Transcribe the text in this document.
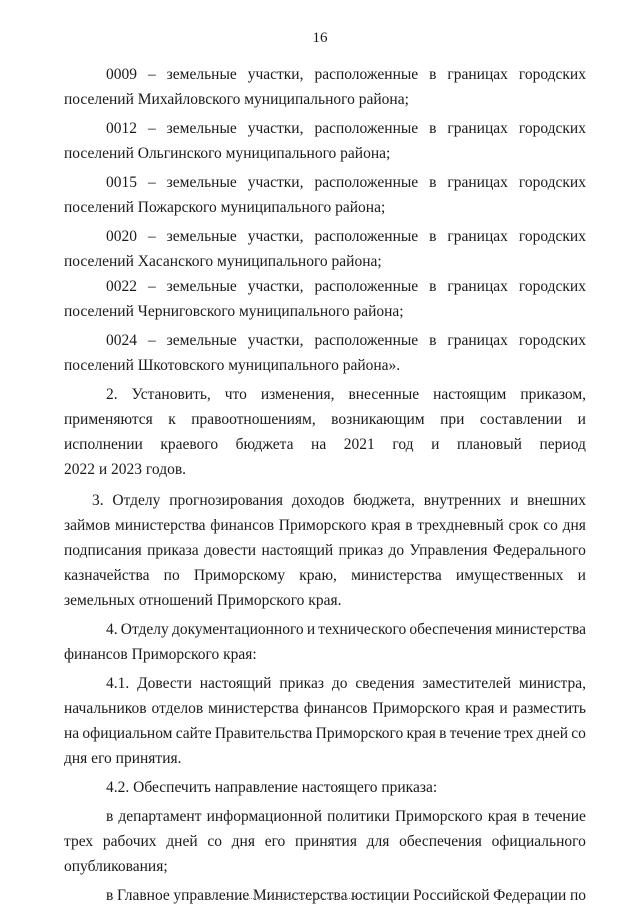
16
0009 – земельные участки, расположенные в границах городских
поселений Михайловского муниципального района;
0012 – земельные участки, расположенные в границах городских
поселений Ольгинского муниципального района;
0015 – земельные участки, расположенные в границах городских
поселений Пожарского муниципального района;
0020 – земельные участки, расположенные в границах городских
поселений Хасанского муниципального района;
0022 – земельные участки, расположенные в границах городских
поселений Черниговского муниципального района;
0024 – земельные участки, расположенные в границах городских
поселений Шкотовского муниципального района».
2. Установить, что изменения, внесенные настоящим приказом,
применяются к правоотношениям, возникающим при составлении и
исполнении краевого бюджета на 2021 год и плановый период
2022 и 2023 годов.
3. Отделу прогнозирования доходов бюджета, внутренних и внешних
займов министерства финансов Приморского края в трехдневный срок со дня
подписания приказа довести настоящий приказ до Управления Федерального
казначейства по Приморскому краю, министерства имущественных и
земельных отношений Приморского края.
4. Отделу документационного и технического обеспечения министерства
финансов Приморского края:
4.1. Довести настоящий приказ до сведения заместителей министра,
начальников отделов министерства финансов Приморского края и разместить
на официальном сайте Правительства Приморского края в течение трех дней со
дня его принятия.
4.2. Обеспечить направление настоящего приказа:
в департамент информационной политики Приморского края в течение
трех рабочих дней со дня его принятия для обеспечения официального
опубликования;
в Главное управление Министерства юстиции Российской Федерации по
